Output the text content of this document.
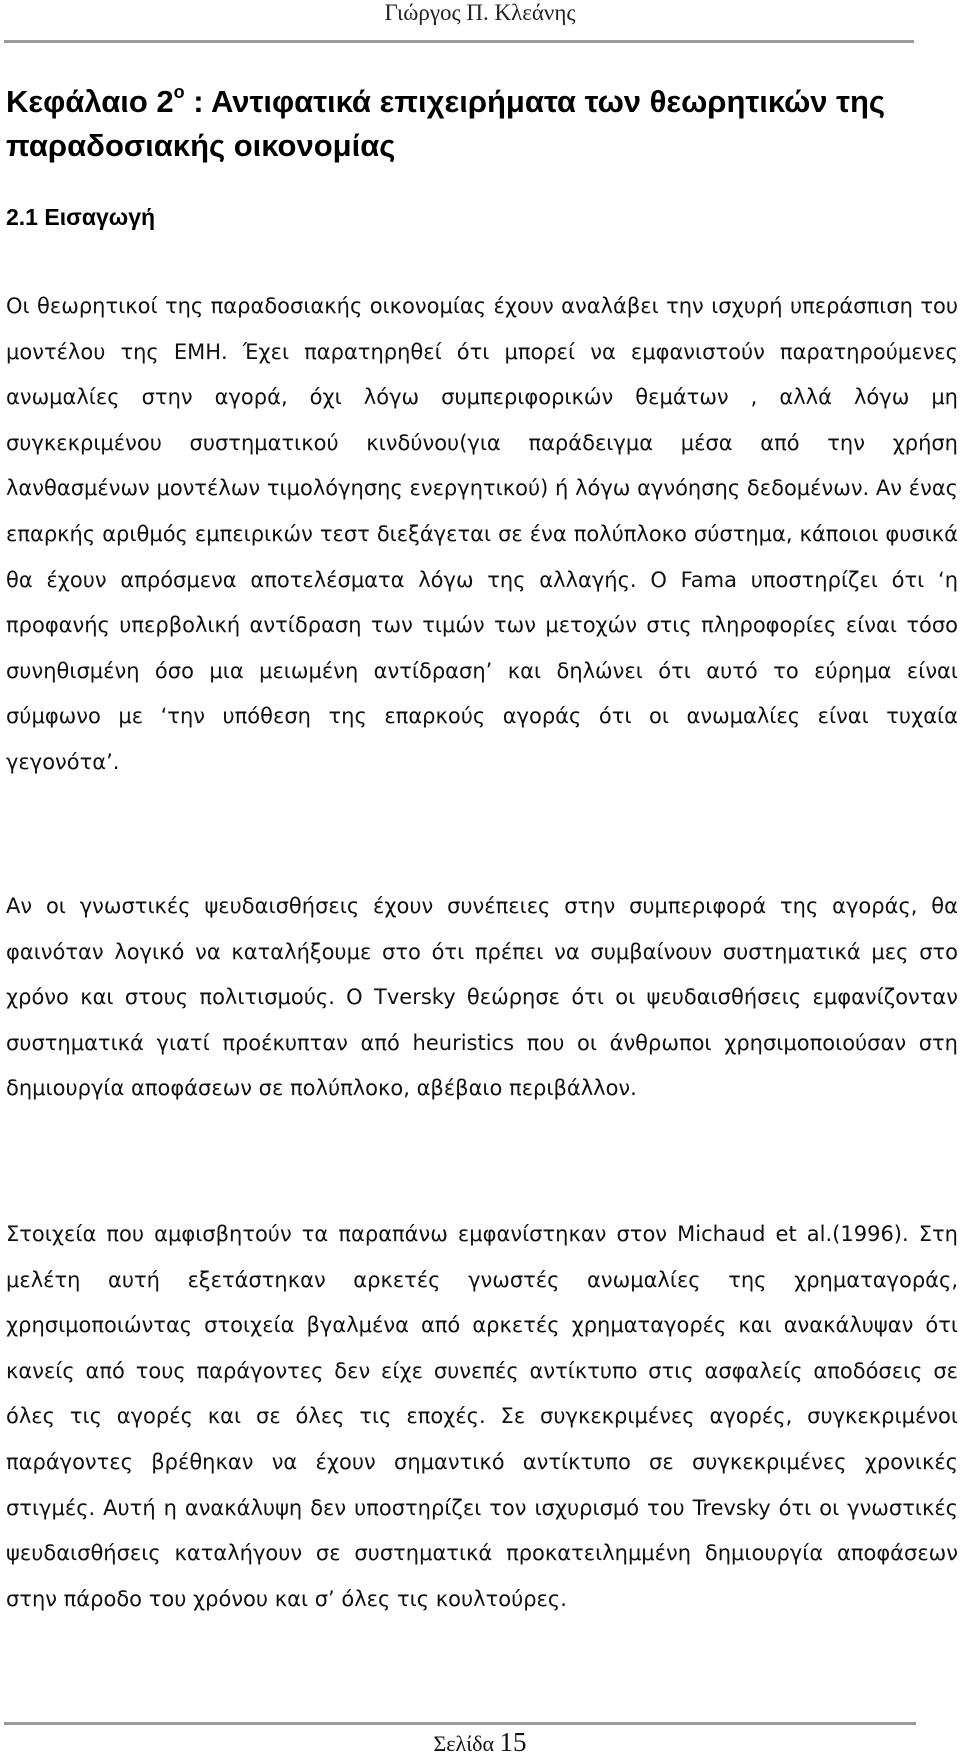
Γιώργος Π. Κλεάνης
Κεφάλαιο $2^o$ : Αντιφατικά επιχειρήματα των θεωρητικών της παραδοσιακής οικονομίας
2.1 Εισαγωγή

Οι θεωρητικοί της παραδοσιακής οικονομίας έχουν αναλάβει την ισχυρή υπεράσπιση του μοντέλου της ΕΜΗ. Έχει παρατηρηθεί ότι μπορεί να εμφανιστούν παρατηρούμενες ανωμαλίες στην αγορά, όχι λόγω συμπεριφορικών θεμάτων , αλλά λόγω μη συγκεκριμένου συστηματικού κινδύνου(για παράδειγμα μέσα από την χρήση λανθασμένων μοντέλων τιμολόγησης ενεργητικού) ή λόγω αγνόησης δεδομένων. Αν ένας επαρκής αριθμός εμπειρικών τεστ διεξάγεται σε ένα πολύπλοκο σύστημα, κάποιοι φυσικά θα έχουν απρόσμενα αποτελέσματα λόγω της αλλαγής. Ο Fama υποστηρίζει ότι ‘η προφανής υπερβολική αντίδραση των τιμών των μετοχών στις πληροφορίες είναι τόσο συνηθισμένη όσο μια μειωμένη αντίδραση’ και δηλώνει ότι αυτό το εύρημα είναι σύμφωνο με ‘την υπόθεση της επαρκούς αγοράς ότι οι ανωμαλίες είναι τυχαία γεγονότα’.

Αν οι γνωστικές ψευδαισθήσεις έχουν συνέπειες στην συμπεριφορά της αγοράς, θα φαινόταν λογικό να καταλήξουμε στο ότι πρέπει να συμβαίνουν συστηματικά μες στο χρόνο και στους πολιτισμούς. Ο Tversky θεώρησε ότι οι ψευδαισθήσεις εμφανίζονταν συστηματικά γιατί προέκυπταν από heuristics που οι άνθρωποι χρησιμοποιούσαν στη δημιουργία αποφάσεων σε πολύπλοκο, αβέβαιο περιβάλλον.

Στοιχεία που αμφισβητούν τα παραπάνω εμφανίστηκαν στον Michaud et al.(1996). Στη μελέτη αυτή εξετάστηκαν αρκετές γνωστές ανωμαλίες της χρηματαγοράς, χρησιμοποιώντας στοιχεία βγαλμένα από αρκετές χρηματαγορές και ανακάλυψαν ότι κανείς από τους παράγοντες δεν είχε συνεπές αντίκτυπο στις ασφαλείς αποδόσεις σε όλες τις αγορές και σε όλες τις εποχές. Σε συγκεκριμένες αγορές, συγκεκριμένοι παράγοντες βρέθηκαν να έχουν σημαντικό αντίκτυπο σε συγκεκριμένες χρονικές στιγμές. Αυτή η ανακάλυψη δεν υποστηρίζει τον ισχυρισμό του Trevsky ότι οι γνωστικές ψευδαισθήσεις καταλήγουν σε συστηματικά προκατειλημμένη δημιουργία αποφάσεων στην πάροδο του χρόνου και σ’ όλες τις κουλτούρες.

Σελίδα 15
